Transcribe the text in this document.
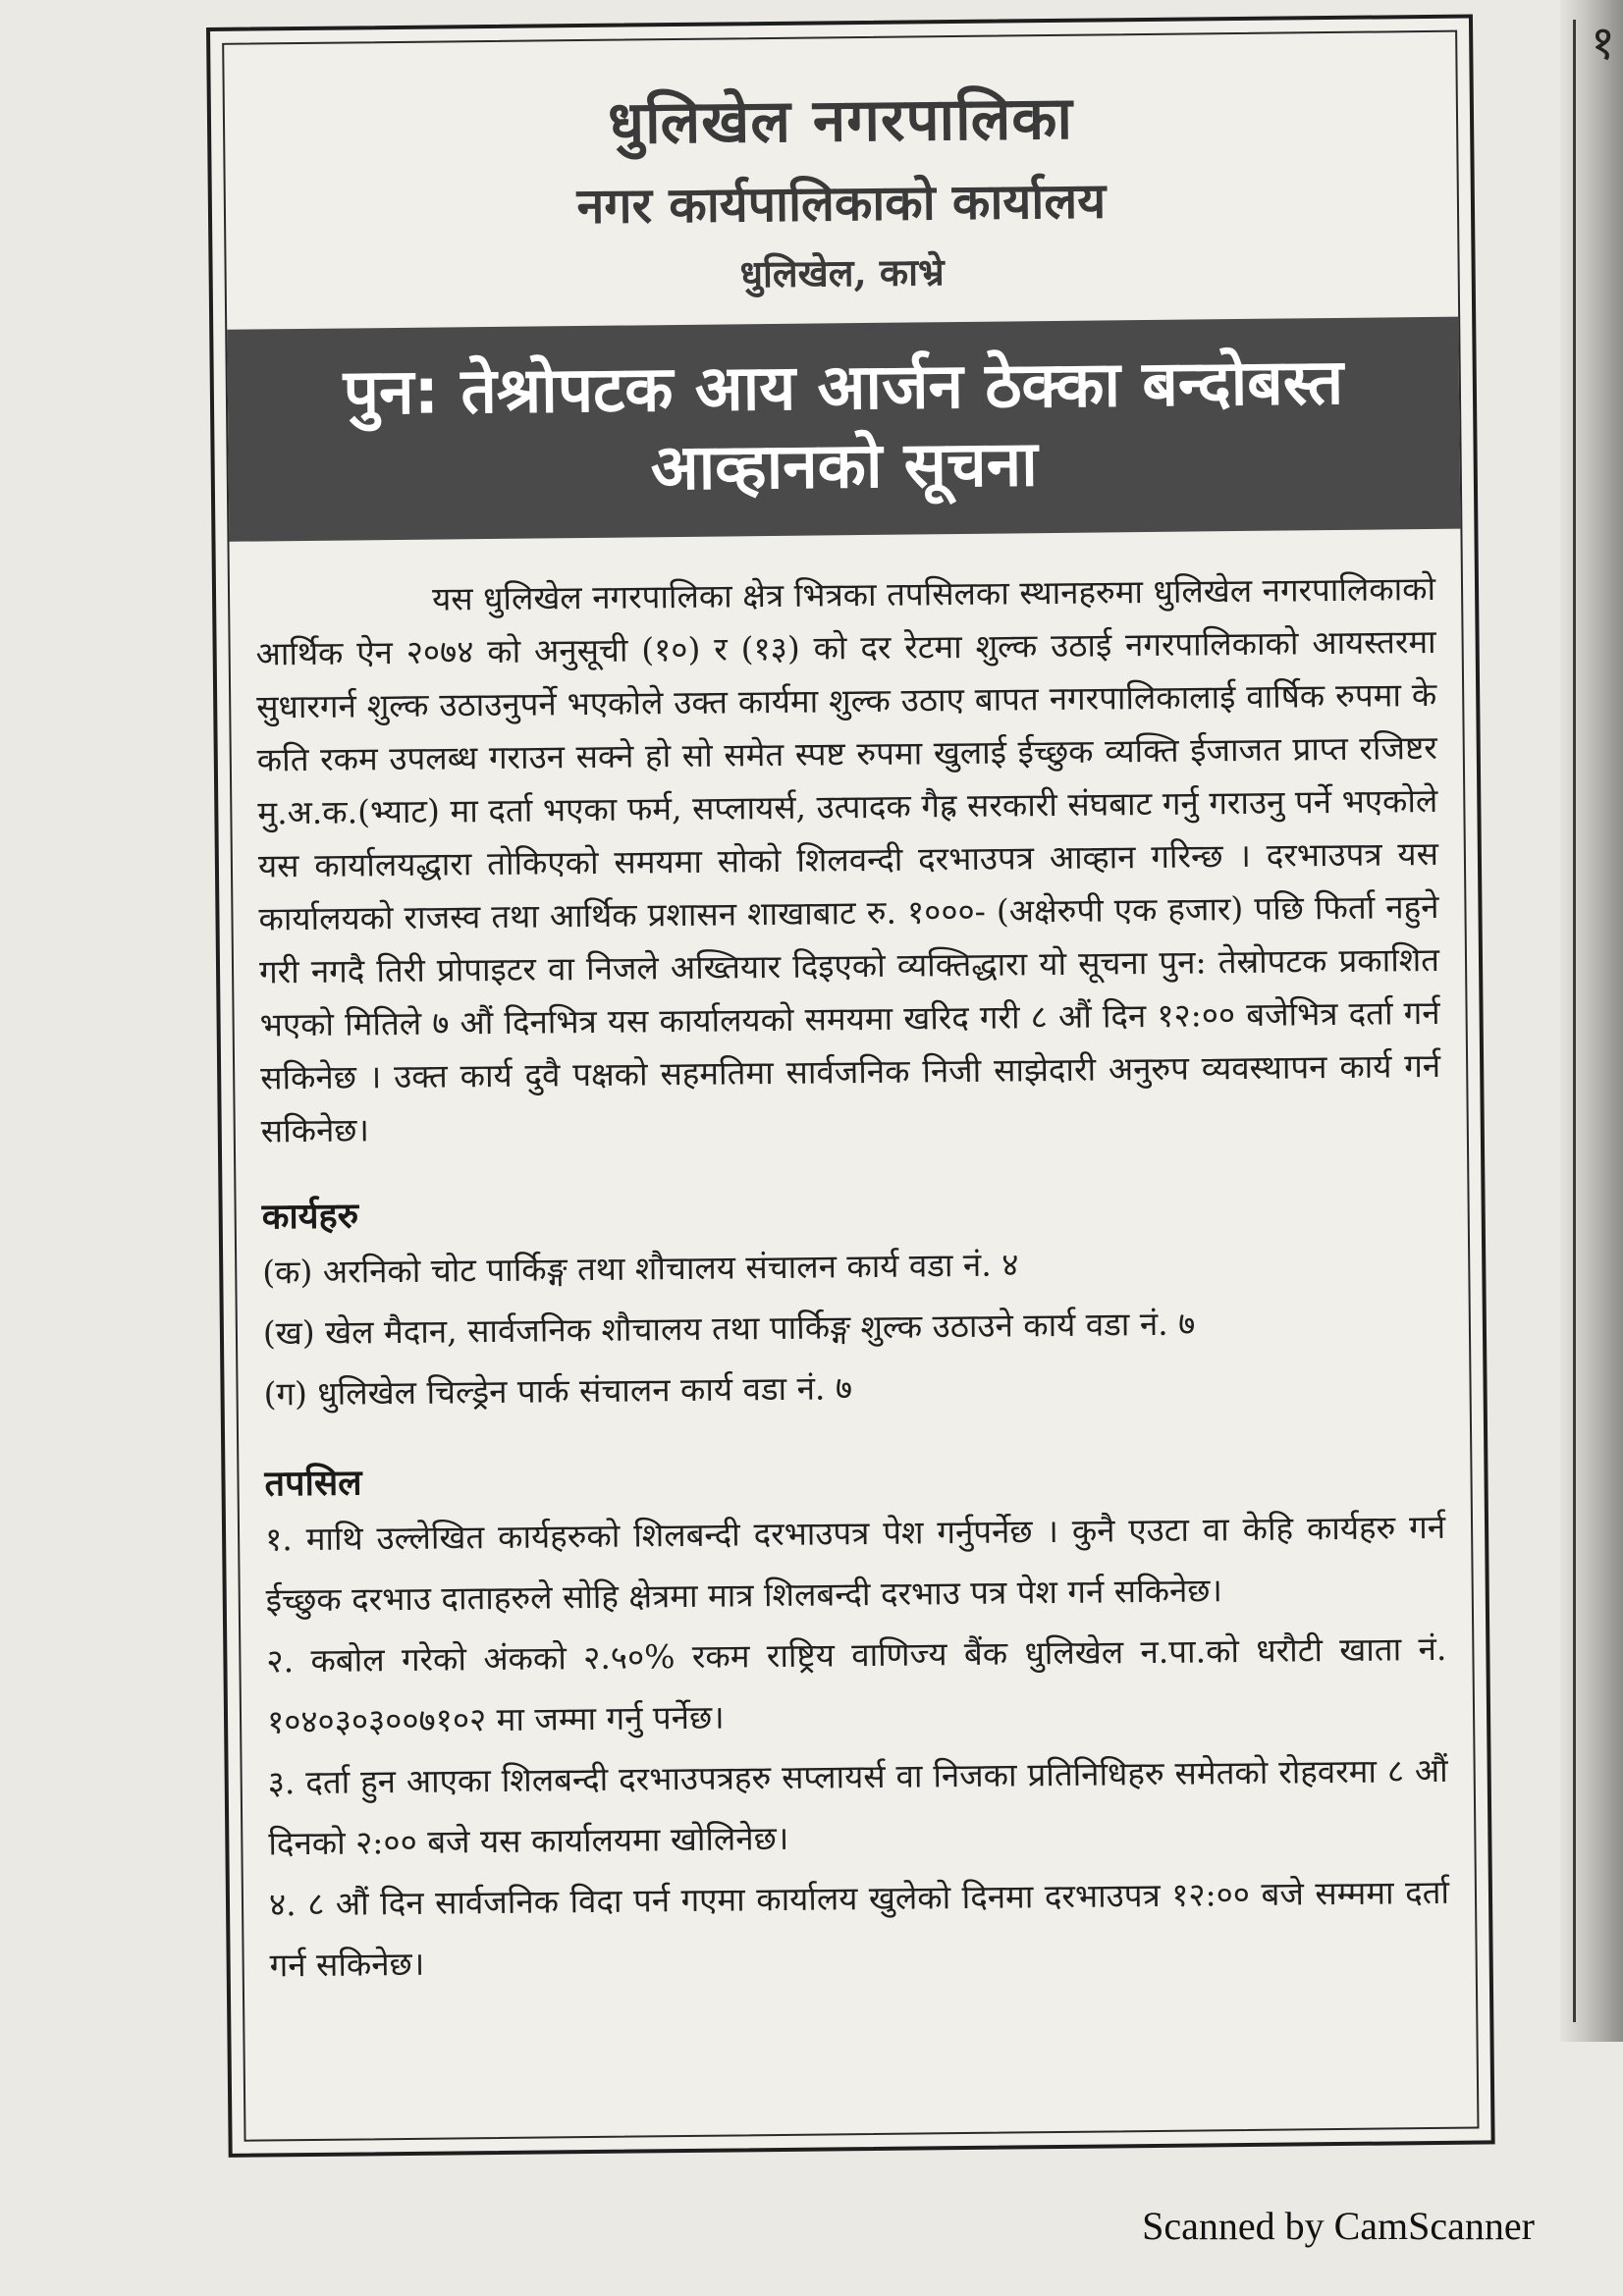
१
धुलिखेल नगरपालिका
नगर कार्यपालिकाको कार्यालय
धुलिखेल, काभ्रे
पुन: तेश्रोपटक आय आर्जन ठेक्का बन्दोबस्त
आव्हानको सूचना
यस धुलिखेल नगरपालिका क्षेत्र भित्रका तपसिलका स्थानहरुमा धुलिखेल नगरपालिकाको आर्थिक ऐन २०७४ को अनुसूची (१०) र (१३) को दर रेटमा शुल्क उठाई नगरपालिकाको आयस्तरमा सुधारगर्न शुल्क उठाउनुपर्ने भएकोले उक्त कार्यमा शुल्क उठाए बापत नगरपालिकालाई वार्षिक रुपमा के कति रकम उपलब्ध गराउन सक्ने हो सो समेत स्पष्ट रुपमा खुलाई ईच्छुक व्यक्ति ईजाजत प्राप्त रजिष्टर मु.अ.क.(भ्याट) मा दर्ता भएका फर्म, सप्लायर्स, उत्पादक गैह्र सरकारी संघबाट गर्नु गराउनु पर्ने भएकोले यस कार्यालयद्धारा तोकिएको समयमा सोको शिलवन्दी दरभाउपत्र आव्हान गरिन्छ । दरभाउपत्र यस कार्यालयको राजस्व तथा आर्थिक प्रशासन शाखाबाट रु. १०००- (अक्षेरुपी एक हजार) पछि फिर्ता नहुने गरी नगदै तिरी प्रोपाइटर वा निजले अख्तियार दिइएको व्यक्तिद्धारा यो सूचना पुन: तेस्रोपटक प्रकाशित भएको मितिले ७ औं दिनभित्र यस कार्यालयको समयमा खरिद गरी ८ औं दिन १२:०० बजेभित्र दर्ता गर्न सकिनेछ । उक्त कार्य दुवै पक्षको सहमतिमा सार्वजनिक निजी साझेदारी अनुरुप व्यवस्थापन कार्य गर्न सकिनेछ।
कार्यहरु
(क) अरनिको चोट पार्किङ्ग तथा शौचालय संचालन कार्य वडा नं. ४
(ख) खेल मैदान, सार्वजनिक शौचालय तथा पार्किङ्ग शुल्क उठाउने कार्य वडा नं. ७
(ग) धुलिखेल चिल्ड्रेन पार्क संचालन कार्य वडा नं. ७
तपसिल
१. माथि उल्लेखित कार्यहरुको शिलबन्दी दरभाउपत्र पेश गर्नुपर्नेछ । कुनै एउटा वा केहि कार्यहरु गर्न ईच्छुक दरभाउ दाताहरुले सोहि क्षेत्रमा मात्र शिलबन्दी दरभाउ पत्र पेश गर्न सकिनेछ।
२. कबोल गरेको अंकको २.५०% रकम राष्ट्रिय वाणिज्य बैंक धुलिखेल न.पा.को धरौटी खाता नं. १०४०३०३००७१०२ मा जम्मा गर्नु पर्नेछ।
३. दर्ता हुन आएका शिलबन्दी दरभाउपत्रहरु सप्लायर्स वा निजका प्रतिनिधिहरु समेतको रोहवरमा ८ औं दिनको २:०० बजे यस कार्यालयमा खोलिनेछ।
४. ८ औं दिन सार्वजनिक विदा पर्न गएमा कार्यालय खुलेको दिनमा दरभाउपत्र १२:०० बजे सम्ममा दर्ता गर्न सकिनेछ।
Scanned by CamScanner
